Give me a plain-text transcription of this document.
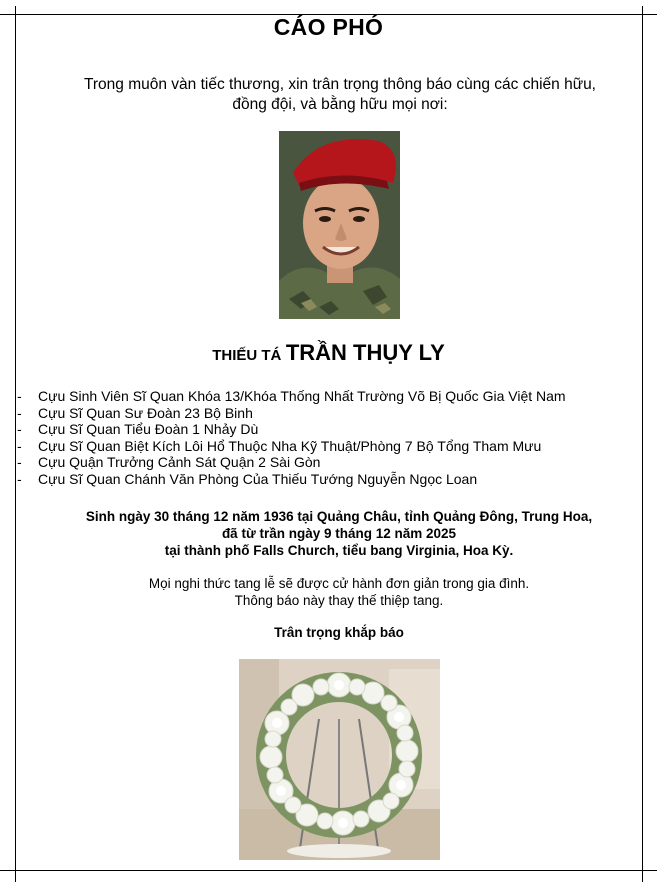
CÁO PHÓ
Trong muôn vàn tiếc thương, xin trân trọng thông báo cùng các chiến hữu,
đồng đội, và bằng hữu mọi nơi:
THIẾU TÁ TRẦN THỤY LY
-	Cựu Sinh Viên Sĩ Quan Khóa 13/Khóa Thống Nhất Trường Võ Bị Quốc Gia Việt Nam
-	Cựu Sĩ Quan Sư Đoàn 23 Bộ Binh
-	Cựu Sĩ Quan Tiểu Đoàn 1 Nhảy Dù
-	Cựu Sĩ Quan Biệt Kích Lôi Hổ Thuộc Nha Kỹ Thuật/Phòng 7 Bộ Tổng Tham Mưu
-	Cựu Quận Trưởng Cảnh Sát Quận 2 Sài Gòn
-	Cựu Sĩ Quan Chánh Văn Phòng Của Thiếu Tướng Nguyễn Ngọc Loan
Sinh ngày 30 tháng 12 năm 1936 tại Quảng Châu, tỉnh Quảng Đông, Trung Hoa,
đã từ trần ngày 9 tháng 12 năm 2025
tại thành phố Falls Church, tiểu bang Virginia, Hoa Kỳ.
Mọi nghi thức tang lễ sẽ được cử hành đơn giản trong gia đình.
Thông báo này thay thế thiệp tang.
Trân trọng khắp báo
